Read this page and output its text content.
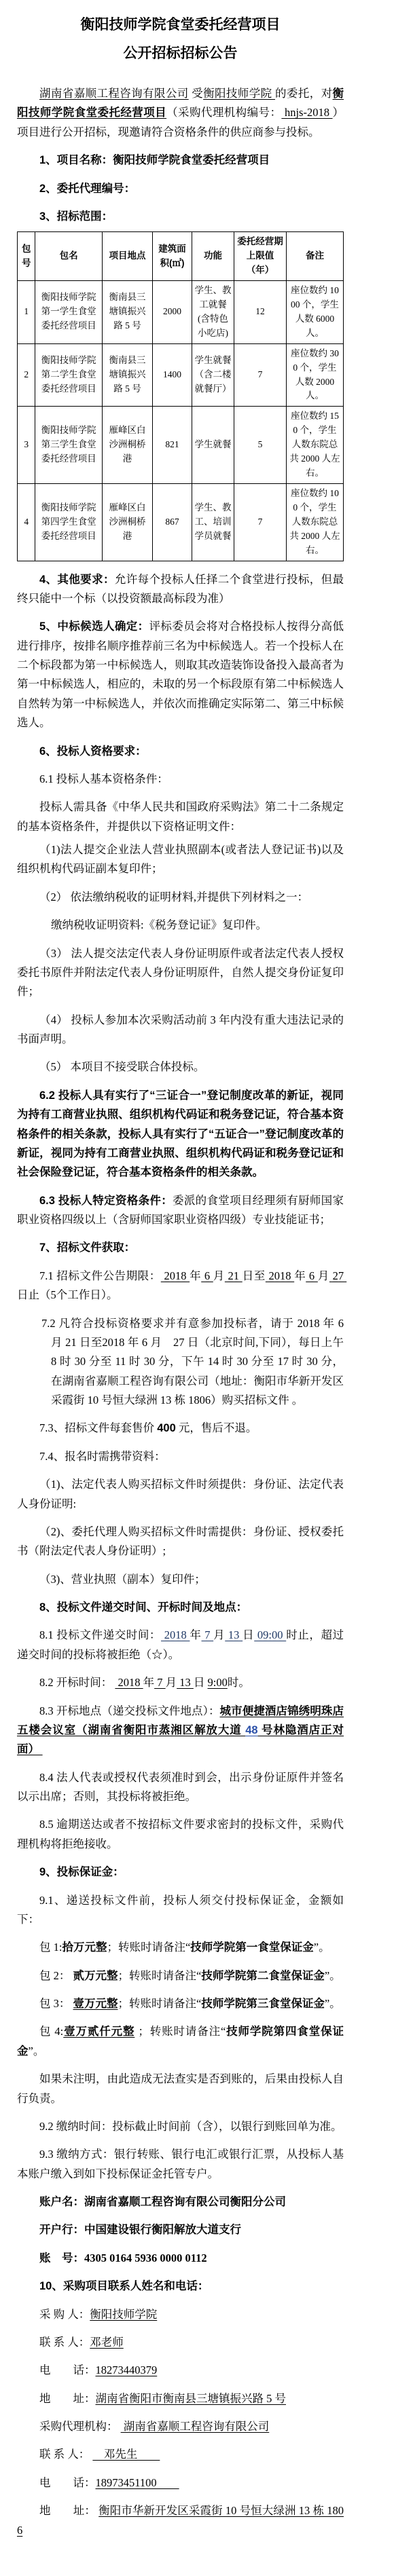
衡阳技师学院食堂委托经营项目
公开招标招标公告

湖南省嘉顺工程咨询有限公司 受衡阳技师学院 的委托，对衡阳技师学院食堂委托经营项目（采购代理机构编号： hnjs-2018 ）项目进行公开招标，现邀请符合资格条件的供应商参与投标。

1、项目名称：衡阳技师学院食堂委托经营项目

2、委托代理编号：

3、招标范围：

包号	包名	项目地点	建筑面积(㎡)	功能	委托经营期上限值（年）	备注
1	衡阳技师学院第一学生食堂委托经营项目	衡南县三塘镇振兴路 5 号	2000	学生、教工就餐(含特色小吃店)	12	座位数约 1000 个，学生人数 6000 人。
2	衡阳技师学院第二学生食堂委托经营项目	衡南县三塘镇振兴路 5 号	1400	学生就餐（含二楼就餐厅）	7	座位数约 300 个，学生人数 2000 人。
3	衡阳技师学院第三学生食堂委托经营项目	雁峰区白沙洲桐桥港	821	学生就餐	5	座位数约 150 个，学生人数东院总共 2000 人左右。
4	衡阳技师学院第四学生食堂委托经营项目	雁峰区白沙洲桐桥港	867	学生、教工、培训学员就餐	7	座位数约 100 个，学生人数东院总共 2000 人左右。

4、其他要求：允许每个投标人任择二个食堂进行投标，但最终只能中一个标（以投资额最高标段为准）

5、中标候选人确定：评标委员会将对合格投标人按得分高低进行排序，按排名顺序推荐前三名为中标候选人。若一个投标人在二个标段都为第一中标候选人，则取其改造装饰设备投入最高者为第一中标候选人，相应的，未取的另一个标段原有第二中标候选人自然转为第一中标候选人，并依次而推确定实际第二、第三中标候选人。

6、投标人资格要求：

6.1 投标人基本资格条件：

投标人需具备《中华人民共和国政府采购法》第二十二条规定的基本资格条件，并提供以下资格证明文件：

（1)法人提交企业法人营业执照副本(或者法人登记证书)以及组织机构代码证副本复印件；

（2） 依法缴纳税收的证明材料,并提供下列材料之一：

缴纳税收证明资料:《税务登记证》复印件。

（3） 法人提交法定代表人身份证明原件或者法定代表人授权委托书原件并附法定代表人身份证明原件，自然人提交身份证复印件；

（4） 投标人参加本次采购活动前 3 年内没有重大违法记录的书面声明。

（5） 本项目不接受联合体投标。

6.2 投标人具有实行了“三证合一”登记制度改革的新证，视同为持有工商营业执照、组织机构代码证和税务登记证，符合基本资格条件的相关条款，投标人具有实行了“五证合一”登记制度改革的新证，视同为持有工商营业执照、组织机构代码证和税务登记证和社会保险登记证，符合基本资格条件的相关条款。

6.3 投标人特定资格条件：委派的食堂项目经理须有厨师国家职业资格四级以上（含厨师国家职业资格四级）专业技能证书；

7、招标文件获取：

7.1 招标文件公告期限： 2018 年 6 月 21 日至 2018 年 6 月 27 日止（5个工作日）。

7.2 凡符合投标资格要求并有意参加投标者，请于 2018 年 6 月 21 日至2018 年 6 月　27 日（北京时间,下同），每日上午 8 时 30 分至 11 时 30 分，下午 14 时 30 分至 17 时 30 分，在湖南省嘉顺工程咨询有限公司（地址：衡阳市华新开发区采霞街 10 号恒大绿洲 13 栋 1806）购买招标文件 。

7.3、招标文件每套售价 400 元，售后不退。

7.4、报名时需携带资料：

（1)、法定代表人购买招标文件时须提供：身份证、法定代表人身份证明:

（2)、委托代理人购买招标文件时需提供：身份证、授权委托书（附法定代表人身份证明）;

（3)、营业执照（副本）复印件；

8、投标文件递交时间、开标时间及地点：

8.1 投标文件递交时间： 2018 年 7 月 13 日 09:00 时止，超过递交时间的投标将被拒绝（☆）。

8.2 开标时间：  2018 年 7 月 13 日 9:00时。

8.3 开标地点（递交投标文件地点）：城市便捷酒店锦绣明珠店五楼会议室（湖南省衡阳市蒸湘区解放大道 48 号林隐酒店正对面）

8.4 法人代表或授权代表须准时到会，出示身份证原件并签名以示出席；否则，其投标将被拒绝。

8.5 逾期送达或者不按招标文件要求密封的投标文件，采购代理机构将拒绝接收。

9、投标保证金：

9.1、递送投标文件前，投标人须交付投标保证金，金额如下：

包 1:拾万元整；转账时请备注“技师学院第一食堂保证金”。

包 2： 贰万元整；转账时请备注“技师学院第二食堂保证金”。

包 3： 壹万元整；转账时请备注“技师学院第三食堂保证金”。

包 4:壹万贰仟元整 ；转账时请备注“技师学院第四食堂保证金”。

如果未注明，由此造成无法查实是否到账的，后果由投标人自行负责。

9.2 缴纳时间：投标截止时间前（含），以银行到账回单为准。

9.3 缴纳方式：银行转账、银行电汇或银行汇票，从投标人基本账户缴入到如下投标保证金托管专户。

账户名：湖南省嘉顺工程咨询有限公司衡阳分公司

开户行：中国建设银行衡阳解放大道支行

账　号：4305 0164 5936 0000 0112

10、采购项目联系人姓名和电话：

采 购 人：衡阳技师学院

联 系 人：邓老师

电　　话：18273440379

地　　址：湖南省衡阳市衡南县三塘镇振兴路 5 号

采购代理机构：  湖南省嘉顺工程咨询有限公司

联 系 人： 　邓先生　　

电　　话：18973451100　　

地　　址： 衡阳市华新开发区采霞街 10 号恒大绿洲 13 栋 1806
